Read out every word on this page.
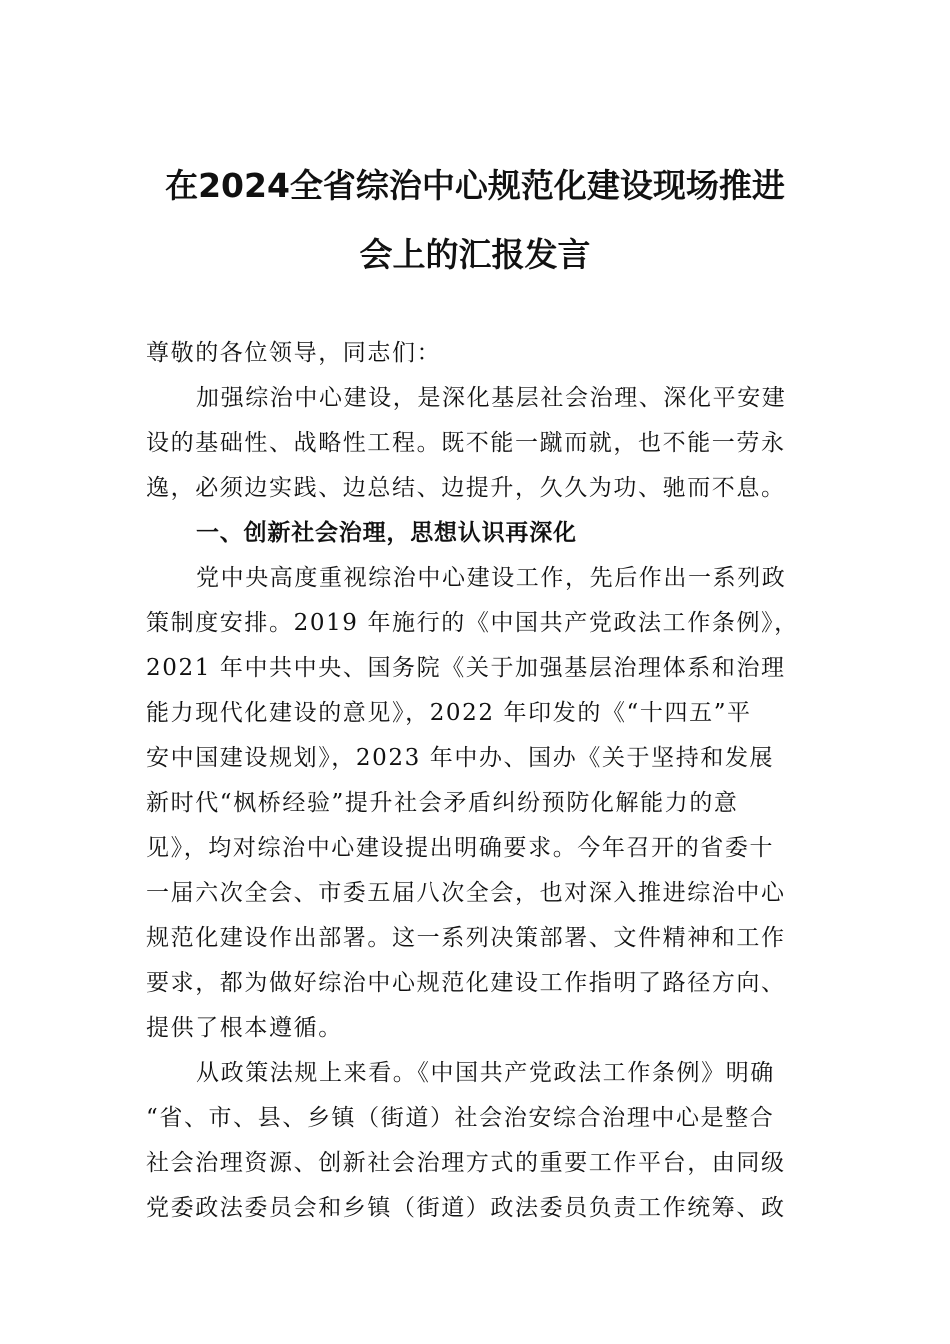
在2024全省综治中心规范化建设现场推进
会上的汇报发言
尊敬的各位领导，同志们：
加强综治中心建设，是深化基层社会治理、深化平安建
设的基础性、战略性工程。既不能一蹴而就，也不能一劳永
逸，必须边实践、边总结、边提升，久久为功、驰而不息。
一、创新社会治理，思想认识再深化
党中央高度重视综治中心建设工作，先后作出一系列政
策制度安排。2019 年施行的《中国共产党政法工作条例》，
2021 年中共中央、国务院《关于加强基层治理体系和治理
能力现代化建设的意见》，2022 年印发的《“十四五”平
安中国建设规划》，2023 年中办、国办《关于坚持和发展
新时代“枫桥经验”提升社会矛盾纠纷预防化解能力的意
见》，均对综治中心建设提出明确要求。今年召开的省委十
一届六次全会、市委五届八次全会，也对深入推进综治中心
规范化建设作出部署。这一系列决策部署、文件精神和工作
要求，都为做好综治中心规范化建设工作指明了路径方向、
提供了根本遵循。
从政策法规上来看。《中国共产党政法工作条例》明确
“省、市、县、乡镇（街道）社会治安综合治理中心是整合
社会治理资源、创新社会治理方式的重要工作平台，由同级
党委政法委员会和乡镇（街道）政法委员负责工作统筹、政
